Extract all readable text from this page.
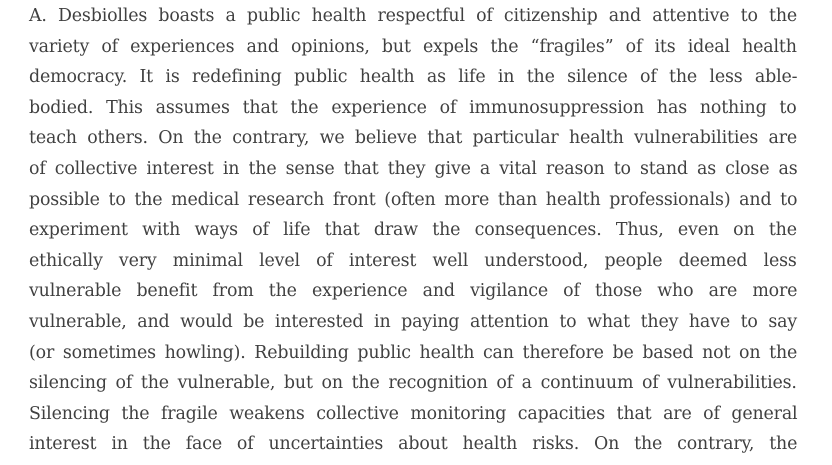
A. Desbiolles boasts a public health respectful of citizenship and attentive to the
variety of experiences and opinions, but expels the “fragiles” of its ideal health
democracy. It is redefining public health as life in the silence of the less able-
bodied. This assumes that the experience of immunosuppression has nothing to
teach others. On the contrary, we believe that particular health vulnerabilities are
of collective interest in the sense that they give a vital reason to stand as close as
possible to the medical research front (often more than health professionals) and to
experiment with ways of life that draw the consequences. Thus, even on the
ethically very minimal level of interest well understood, people deemed less
vulnerable benefit from the experience and vigilance of those who are more
vulnerable, and would be interested in paying attention to what they have to say
(or sometimes howling). Rebuilding public health can therefore be based not on the
silencing of the vulnerable, but on the recognition of a continuum of vulnerabilities.
Silencing the fragile weakens collective monitoring capacities that are of general
interest in the face of uncertainties about health risks. On the contrary, the
